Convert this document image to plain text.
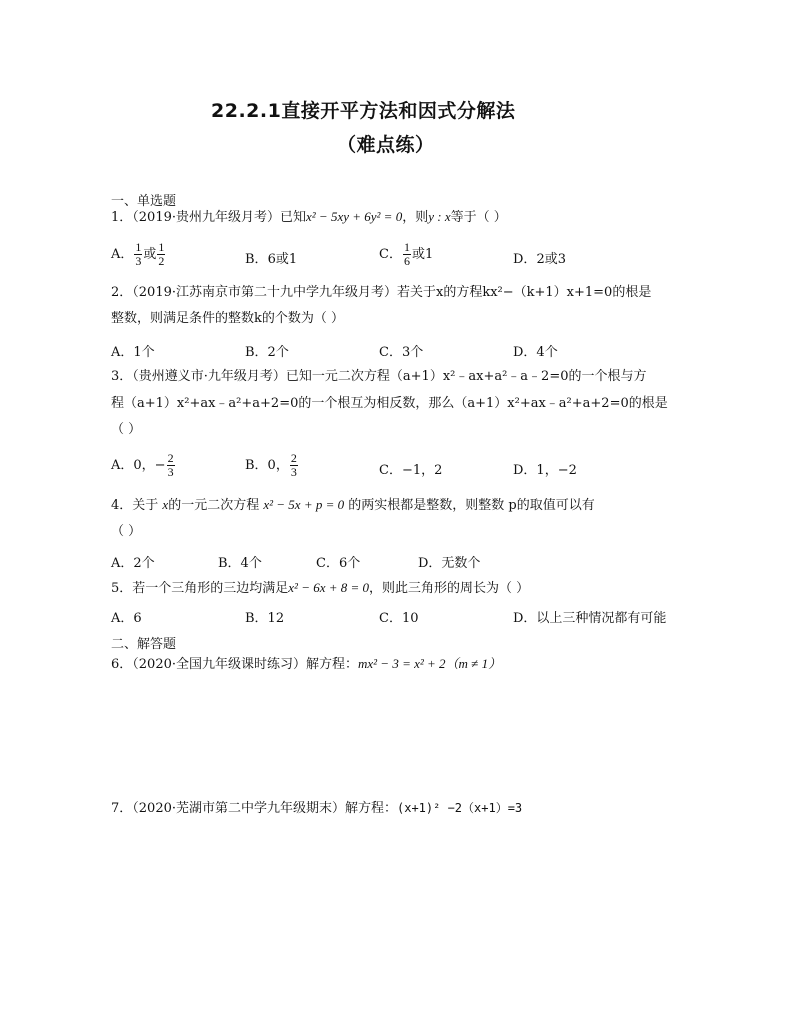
22.2.1直接开平方法和因式分解法
（难点练）
一、单选题
1．（2019·贵州九年级月考）已知x² − 5xy + 6y² = 0，则y : x等于（ ）
A． $\frac{1}{3}$ 或 $\frac{1}{2}$	B．6或1	C． $\frac{1}{6}$ 或1	D．2或3
2．（2019·江苏南京市第二十九中学九年级月考）若关于x的方程kx²−（k+1）x+1=0的根是
整数，则满足条件的整数k的个数为（ ）
A．1个	B．2个	C．3个	D．4个
3．（贵州遵义市·九年级月考）已知一元二次方程（a+1）x²﹣ax+a²﹣a﹣2=0的一个根与方
程（a+1）x²+ax﹣a²+a+2=0的一个根互为相反数，那么（a+1）x²+ax﹣a²+a+2=0的根是
（ ）
A．0，− $\frac{2}{3}$	B．0， $\frac{2}{3}$	C．−1，2	D．1，−2
4．关于 x的一元二次方程 x² − 5x + p = 0 的两实根都是整数，则整数 p的取值可以有
（ ）
A．2个	B．4个	C．6个	D．无数个
5．若一个三角形的三边均满足x² − 6x + 8 = 0，则此三角形的周长为（ ）
A．6	B．12	C．10	D．以上三种情况都有可能
二、解答题
6．（2020·全国九年级课时练习）解方程：mx² − 3 = x² + 2（m ≠ 1）
7．（2020·芜湖市第二中学九年级期末）解方程：(x+1)² −2（x+1）=3
